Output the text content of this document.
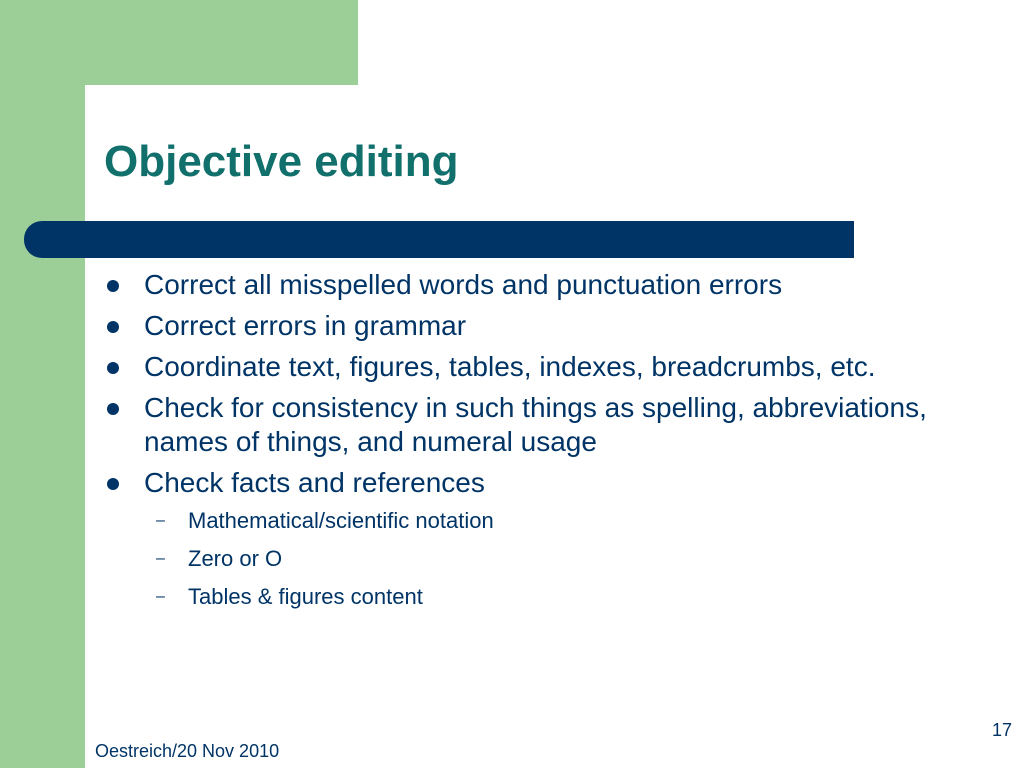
Objective editing
Correct all misspelled words and punctuation errors
Correct errors in grammar
Coordinate text, figures, tables, indexes, breadcrumbs, etc.
Check for consistency in such things as spelling, abbreviations, names of things, and numeral usage
Check facts and references
– Mathematical/scientific notation
– Zero or O
– Tables & figures content
Oestreich/20 Nov 2010
17
